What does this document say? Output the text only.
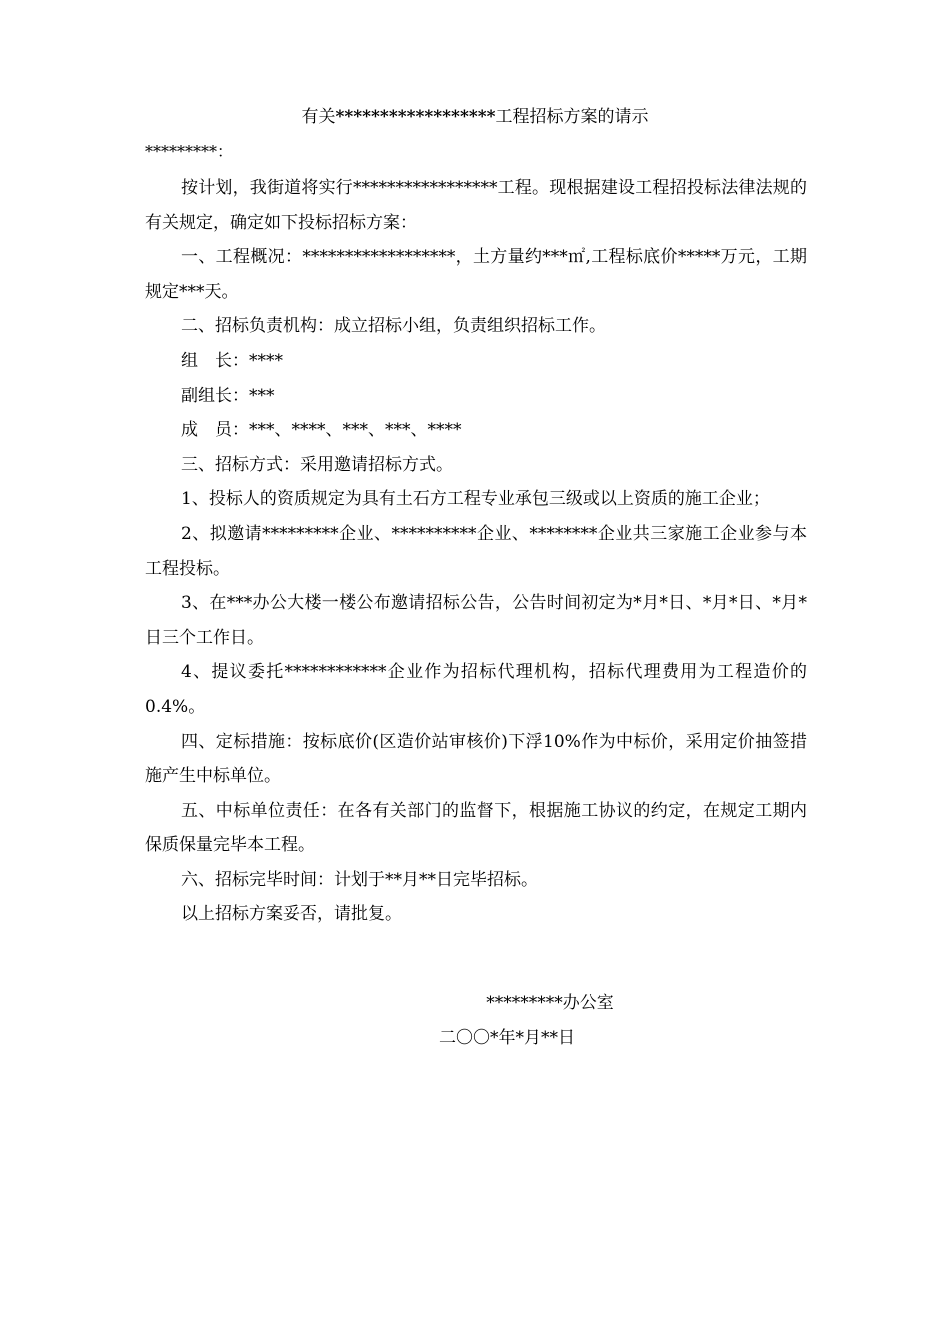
有关******************工程招标方案的请示
*********：

按计划，我街道将实行*****************工程。现根据建设工程招投标法律法规的有关规定，确定如下投标招标方案：

一、工程概况：******************，土方量约***㎡,工程标底价*****万元，工期规定***天。

二、招标负责机构：成立招标小组，负责组织招标工作。

组　长：****

副组长：***

成　员：***、****、***、***、****

三、招标方式：采用邀请招标方式。

1、投标人的资质规定为具有土石方工程专业承包三级或以上资质的施工企业；

2、拟邀请*********企业、**********企业、********企业共三家施工企业参与本工程投标。

3、在***办公大楼一楼公布邀请招标公告，公告时间初定为*月*日、*月*日、*月*日三个工作日。

4、提议委托************企业作为招标代理机构，招标代理费用为工程造价的0.4%。

四、定标措施：按标底价(区造价站审核价)下浮10%作为中标价，采用定价抽签措施产生中标单位。

五、中标单位责任：在各有关部门的监督下，根据施工协议的约定，在规定工期内保质保量完毕本工程。

六、招标完毕时间：计划于**月**日完毕招标。

以上招标方案妥否，请批复。

*********办公室
二〇〇*年*月**日
